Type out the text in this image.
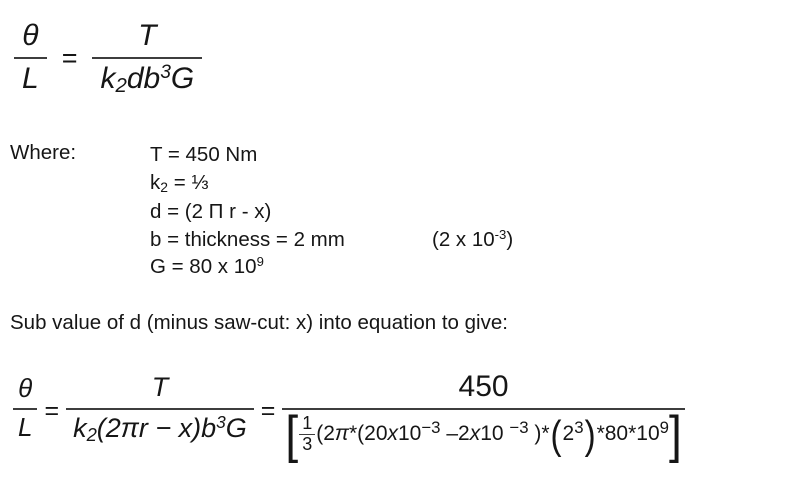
$\frac{\theta}{L} = \frac{T}{k2db^3G}$
Where:	T = 450 Nm
k2 = ⅓
d = (2 Π r - x)
b = thickness = 2 mm	(2 x $10^{-3}$)
G = 80 x $10^9$
Sub value of d (minus saw-cut: x) into equation to give:
$\frac{\theta}{L} = \frac{T}{k2(2\pi r - x)b^3G}$ =
450
[ $\frac{1}{3} (2\pi*(20x10^{-3}$ –2x10 $^{-3}$ )* ( $2^3$ ) $*80*10^9$ ]
